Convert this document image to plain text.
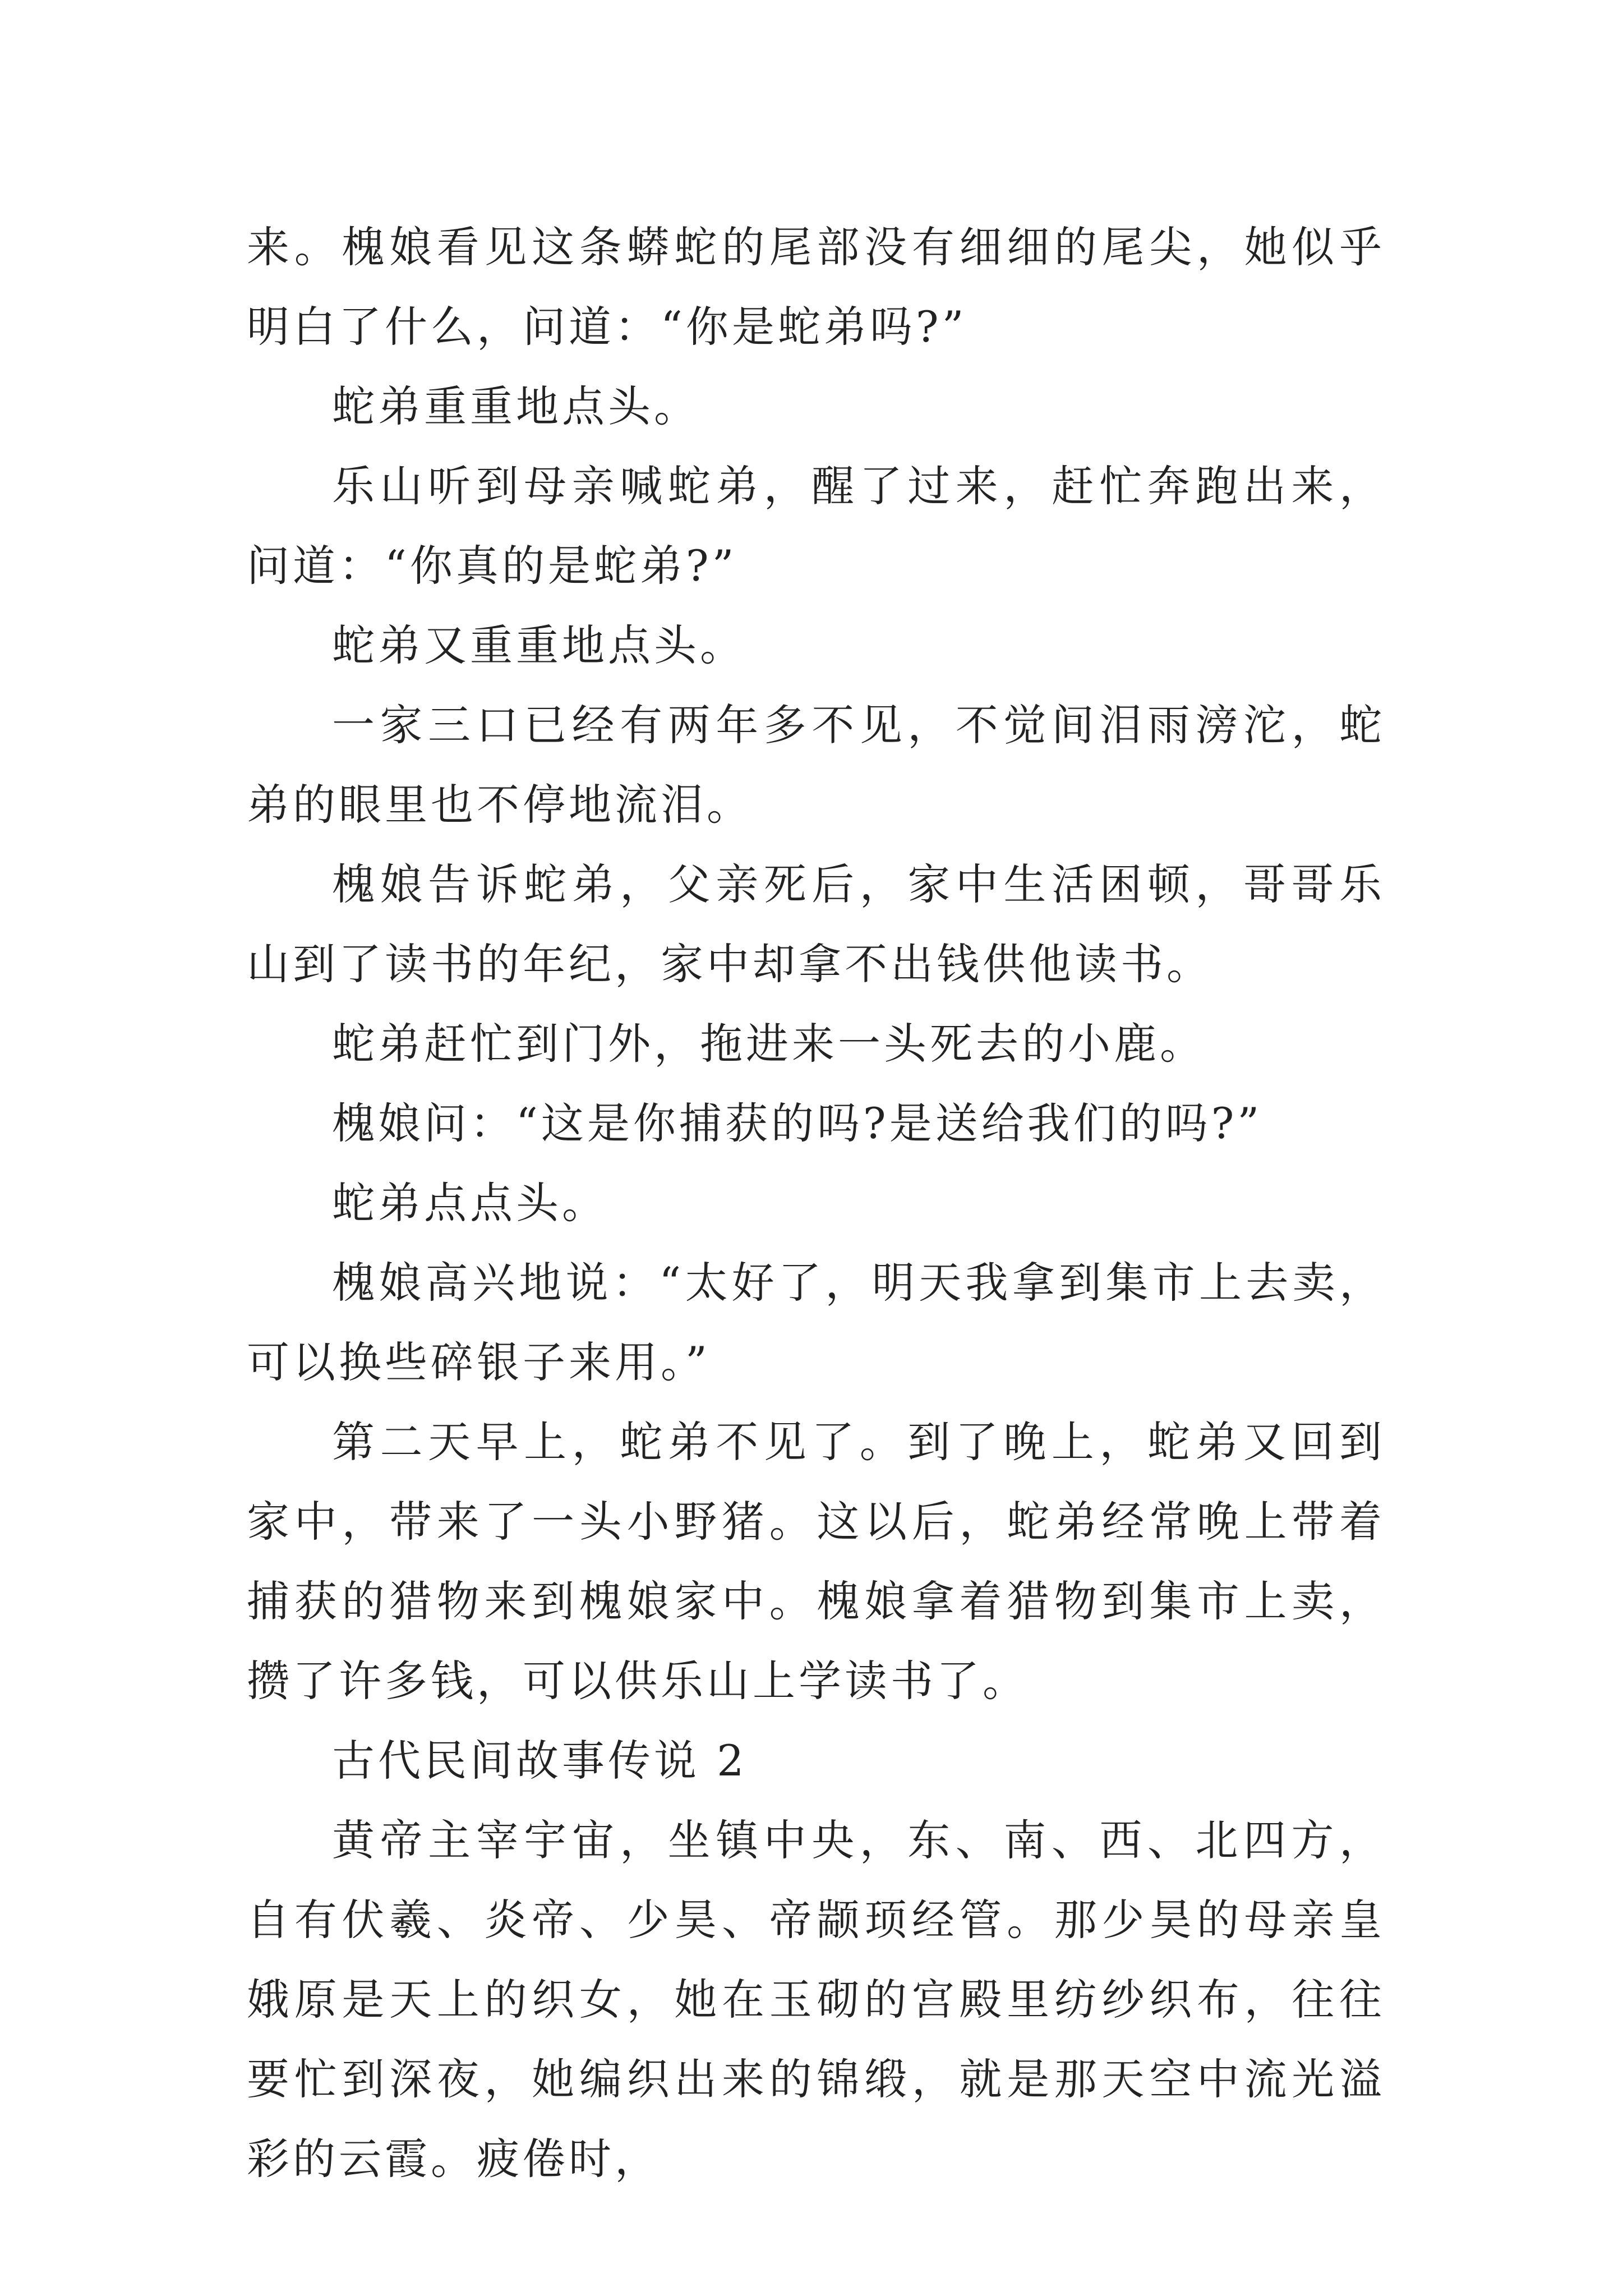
来。槐娘看见这条蟒蛇的尾部没有细细的尾尖，她似乎明白了什么，问道：“你是蛇弟吗?”

蛇弟重重地点头。

乐山听到母亲喊蛇弟，醒了过来，赶忙奔跑出来，问道：“你真的是蛇弟?”

蛇弟又重重地点头。

一家三口已经有两年多不见，不觉间泪雨滂沱，蛇弟的眼里也不停地流泪。

槐娘告诉蛇弟，父亲死后，家中生活困顿，哥哥乐山到了读书的年纪，家中却拿不出钱供他读书。

蛇弟赶忙到门外，拖进来一头死去的小鹿。

槐娘问：“这是你捕获的吗?是送给我们的吗?”

蛇弟点点头。

槐娘高兴地说：“太好了，明天我拿到集市上去卖，可以换些碎银子来用。”

第二天早上，蛇弟不见了。到了晚上，蛇弟又回到家中，带来了一头小野猪。这以后，蛇弟经常晚上带着捕获的猎物来到槐娘家中。槐娘拿着猎物到集市上卖，攒了许多钱，可以供乐山上学读书了。

古代民间故事传说 2

黄帝主宰宇宙，坐镇中央，东、南、西、北四方，自有伏羲、炎帝、少昊、帝颛顼经管。那少昊的母亲皇娥原是天上的织女，她在玉砌的宫殿里纺纱织布，往往要忙到深夜，她编织出来的锦缎，就是那天空中流光溢彩的云霞。疲倦时，
